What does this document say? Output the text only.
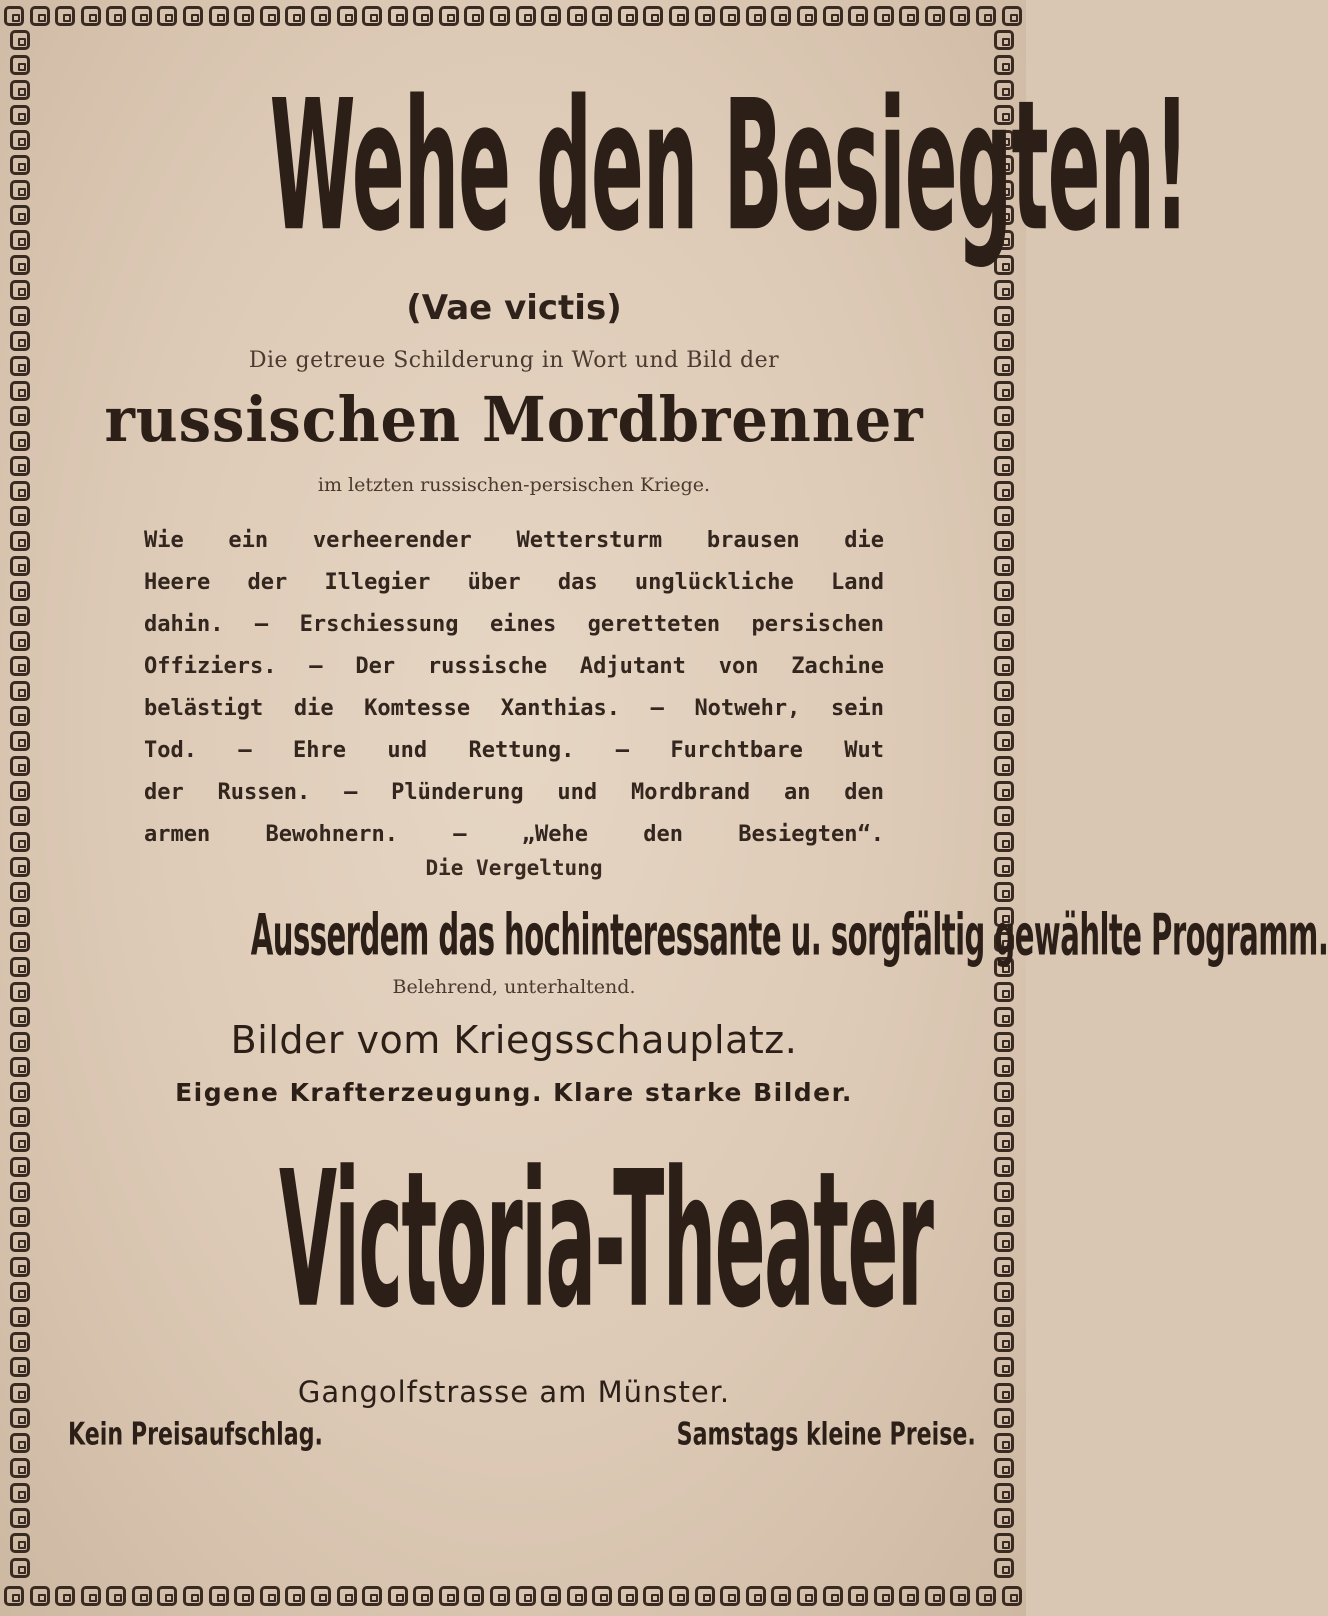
Wehe den Besiegten!
(Vae victis)
Die getreue Schilderung in Wort und Bild der
russischen Mordbrenner
im letzten russischen-persischen Kriege.

Wie ein verheerender Wettersturm brausen die

Heere der Illegier über das unglückliche Land

dahin. — Erschiessung eines geretteten persischen

Offiziers. — Der russische Adjutant von Zachine

belästigt die Komtesse Xanthias. — Notwehr, sein

Tod. — Ehre und Rettung. — Furchtbare Wut

der Russen. — Plünderung und Mordbrand an den

armen Bewohnern. — „Wehe den Besiegten“.

Die Vergeltung
Ausserdem das hochinteressante u. sorgfältig gewählte Programm.
Belehrend, unterhaltend.
Bilder vom Kriegsschauplatz.
Eigene Krafterzeugung. Klare starke Bilder.
Victoria-Theater
Gangolfstrasse am Münster.
Kein Preisaufschlag.	Samstags kleine Preise.
